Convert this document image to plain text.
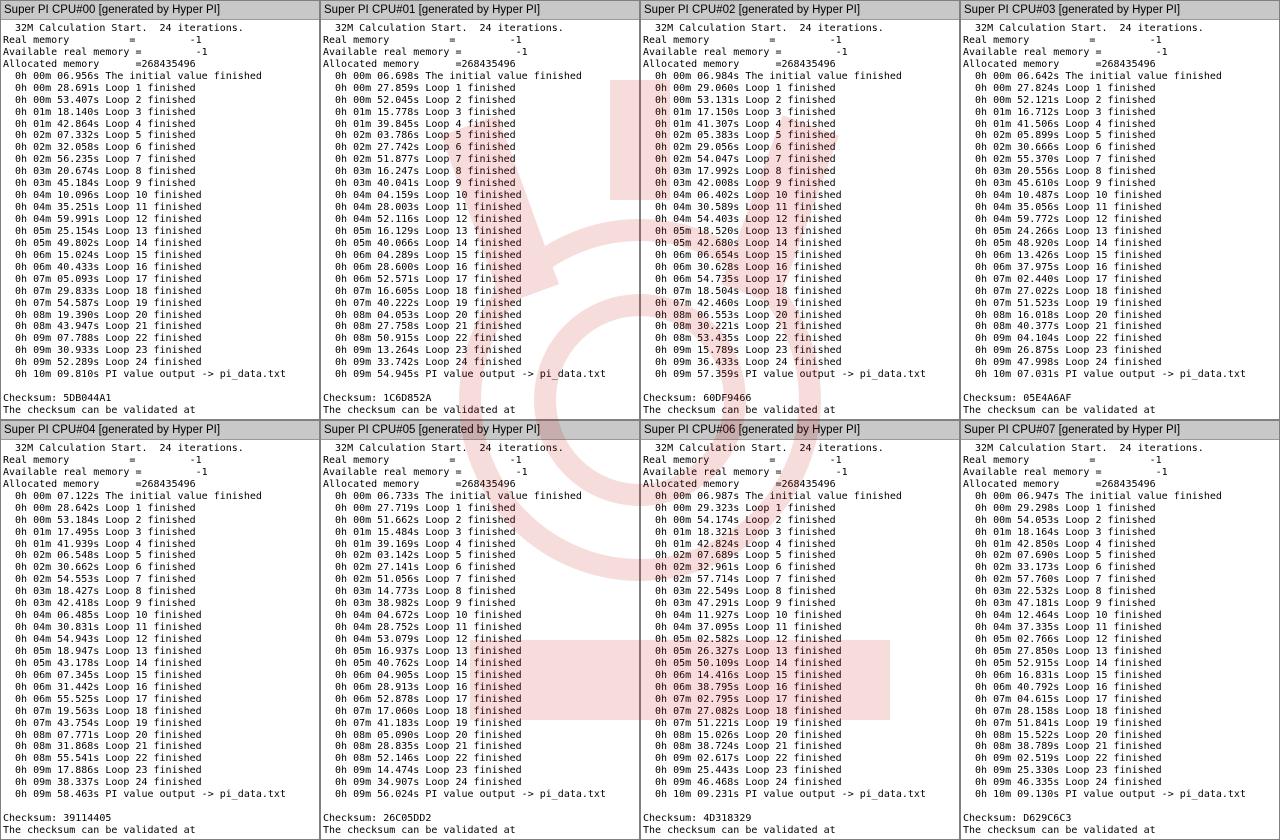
Super PI CPU#00 [generated by Hyper PI]
32M Calculation Start.  24 iterations.
Real memory          =         -1
Available real memory =         -1
Allocated memory      =268435496
0h 00m 06.956s The initial value finished
0h 00m 28.691s Loop 1 finished
0h 00m 53.407s Loop 2 finished
0h 01m 18.140s Loop 3 finished
0h 01m 42.864s Loop 4 finished
0h 02m 07.332s Loop 5 finished
0h 02m 32.058s Loop 6 finished
0h 02m 56.235s Loop 7 finished
0h 03m 20.674s Loop 8 finished
0h 03m 45.184s Loop 9 finished
0h 04m 10.096s Loop 10 finished
0h 04m 35.251s Loop 11 finished
0h 04m 59.991s Loop 12 finished
0h 05m 25.154s Loop 13 finished
0h 05m 49.802s Loop 14 finished
0h 06m 15.024s Loop 15 finished
0h 06m 40.433s Loop 16 finished
0h 07m 05.093s Loop 17 finished
0h 07m 29.833s Loop 18 finished
0h 07m 54.587s Loop 19 finished
0h 08m 19.390s Loop 20 finished
0h 08m 43.947s Loop 21 finished
0h 09m 07.788s Loop 22 finished
0h 09m 30.933s Loop 23 finished
0h 09m 52.289s Loop 24 finished
0h 10m 09.810s PI value output -> pi_data.txt
Checksum: 5DB044A1
The checksum can be validated at
Super PI CPU#01 [generated by Hyper PI]
32M Calculation Start.  24 iterations.
Real memory          =         -1
Available real memory =         -1
Allocated memory      =268435496
0h 00m 06.698s The initial value finished
0h 00m 27.859s Loop 1 finished
0h 00m 52.045s Loop 2 finished
0h 01m 15.778s Loop 3 finished
0h 01m 39.845s Loop 4 finished
0h 02m 03.786s Loop 5 finished
0h 02m 27.742s Loop 6 finished
0h 02m 51.877s Loop 7 finished
0h 03m 16.247s Loop 8 finished
0h 03m 40.041s Loop 9 finished
0h 04m 04.159s Loop 10 finished
0h 04m 28.003s Loop 11 finished
0h 04m 52.116s Loop 12 finished
0h 05m 16.129s Loop 13 finished
0h 05m 40.066s Loop 14 finished
0h 06m 04.289s Loop 15 finished
0h 06m 28.600s Loop 16 finished
0h 06m 52.571s Loop 17 finished
0h 07m 16.605s Loop 18 finished
0h 07m 40.222s Loop 19 finished
0h 08m 04.053s Loop 20 finished
0h 08m 27.758s Loop 21 finished
0h 08m 50.915s Loop 22 finished
0h 09m 13.264s Loop 23 finished
0h 09m 33.742s Loop 24 finished
0h 09m 54.945s PI value output -> pi_data.txt
Checksum: 1C6D852A
The checksum can be validated at
Super PI CPU#02 [generated by Hyper PI]
32M Calculation Start.  24 iterations.
Real memory          =         -1
Available real memory =         -1
Allocated memory      =268435496
0h 00m 06.984s The initial value finished
0h 00m 29.060s Loop 1 finished
0h 00m 53.131s Loop 2 finished
0h 01m 17.150s Loop 3 finished
0h 01m 41.307s Loop 4 finished
0h 02m 05.383s Loop 5 finished
0h 02m 29.056s Loop 6 finished
0h 02m 54.047s Loop 7 finished
0h 03m 17.992s Loop 8 finished
0h 03m 42.008s Loop 9 finished
0h 04m 06.402s Loop 10 finished
0h 04m 30.589s Loop 11 finished
0h 04m 54.403s Loop 12 finished
0h 05m 18.520s Loop 13 finished
0h 05m 42.680s Loop 14 finished
0h 06m 06.654s Loop 15 finished
0h 06m 30.628s Loop 16 finished
0h 06m 54.735s Loop 17 finished
0h 07m 18.504s Loop 18 finished
0h 07m 42.460s Loop 19 finished
0h 08m 06.553s Loop 20 finished
0h 08m 30.221s Loop 21 finished
0h 08m 53.435s Loop 22 finished
0h 09m 15.789s Loop 23 finished
0h 09m 36.433s Loop 24 finished
0h 09m 57.359s PI value output -> pi_data.txt
Checksum: 60DF9466
The checksum can be validated at
Super PI CPU#03 [generated by Hyper PI]
32M Calculation Start.  24 iterations.
Real memory          =         -1
Available real memory =         -1
Allocated memory      =268435496
0h 00m 06.642s The initial value finished
0h 00m 27.824s Loop 1 finished
0h 00m 52.121s Loop 2 finished
0h 01m 16.712s Loop 3 finished
0h 01m 41.506s Loop 4 finished
0h 02m 05.899s Loop 5 finished
0h 02m 30.666s Loop 6 finished
0h 02m 55.370s Loop 7 finished
0h 03m 20.556s Loop 8 finished
0h 03m 45.610s Loop 9 finished
0h 04m 10.487s Loop 10 finished
0h 04m 35.056s Loop 11 finished
0h 04m 59.772s Loop 12 finished
0h 05m 24.266s Loop 13 finished
0h 05m 48.920s Loop 14 finished
0h 06m 13.426s Loop 15 finished
0h 06m 37.975s Loop 16 finished
0h 07m 02.440s Loop 17 finished
0h 07m 27.022s Loop 18 finished
0h 07m 51.523s Loop 19 finished
0h 08m 16.018s Loop 20 finished
0h 08m 40.377s Loop 21 finished
0h 09m 04.104s Loop 22 finished
0h 09m 26.875s Loop 23 finished
0h 09m 47.998s Loop 24 finished
0h 10m 07.031s PI value output -> pi_data.txt
Checksum: 05E4A6AF
The checksum can be validated at
Super PI CPU#04 [generated by Hyper PI]
32M Calculation Start.  24 iterations.
Real memory          =         -1
Available real memory =         -1
Allocated memory      =268435496
0h 00m 07.122s The initial value finished
0h 00m 28.642s Loop 1 finished
0h 00m 53.184s Loop 2 finished
0h 01m 17.495s Loop 3 finished
0h 01m 41.939s Loop 4 finished
0h 02m 06.548s Loop 5 finished
0h 02m 30.662s Loop 6 finished
0h 02m 54.553s Loop 7 finished
0h 03m 18.427s Loop 8 finished
0h 03m 42.418s Loop 9 finished
0h 04m 06.485s Loop 10 finished
0h 04m 30.831s Loop 11 finished
0h 04m 54.943s Loop 12 finished
0h 05m 18.947s Loop 13 finished
0h 05m 43.178s Loop 14 finished
0h 06m 07.345s Loop 15 finished
0h 06m 31.442s Loop 16 finished
0h 06m 55.525s Loop 17 finished
0h 07m 19.563s Loop 18 finished
0h 07m 43.754s Loop 19 finished
0h 08m 07.771s Loop 20 finished
0h 08m 31.868s Loop 21 finished
0h 08m 55.541s Loop 22 finished
0h 09m 17.886s Loop 23 finished
0h 09m 38.337s Loop 24 finished
0h 09m 58.463s PI value output -> pi_data.txt
Checksum: 39114405
The checksum can be validated at
Super PI CPU#05 [generated by Hyper PI]
32M Calculation Start.  24 iterations.
Real memory          =         -1
Available real memory =         -1
Allocated memory      =268435496
0h 00m 06.733s The initial value finished
0h 00m 27.719s Loop 1 finished
0h 00m 51.662s Loop 2 finished
0h 01m 15.484s Loop 3 finished
0h 01m 39.169s Loop 4 finished
0h 02m 03.142s Loop 5 finished
0h 02m 27.141s Loop 6 finished
0h 02m 51.056s Loop 7 finished
0h 03m 14.773s Loop 8 finished
0h 03m 38.982s Loop 9 finished
0h 04m 04.672s Loop 10 finished
0h 04m 28.752s Loop 11 finished
0h 04m 53.079s Loop 12 finished
0h 05m 16.937s Loop 13 finished
0h 05m 40.762s Loop 14 finished
0h 06m 04.905s Loop 15 finished
0h 06m 28.913s Loop 16 finished
0h 06m 52.878s Loop 17 finished
0h 07m 17.060s Loop 18 finished
0h 07m 41.183s Loop 19 finished
0h 08m 05.090s Loop 20 finished
0h 08m 28.835s Loop 21 finished
0h 08m 52.146s Loop 22 finished
0h 09m 14.474s Loop 23 finished
0h 09m 34.907s Loop 24 finished
0h 09m 56.024s PI value output -> pi_data.txt
Checksum: 26C05DD2
The checksum can be validated at
Super PI CPU#06 [generated by Hyper PI]
32M Calculation Start.  24 iterations.
Real memory          =         -1
Available real memory =         -1
Allocated memory      =268435496
0h 00m 06.987s The initial value finished
0h 00m 29.323s Loop 1 finished
0h 00m 54.174s Loop 2 finished
0h 01m 18.321s Loop 3 finished
0h 01m 42.824s Loop 4 finished
0h 02m 07.689s Loop 5 finished
0h 02m 32.961s Loop 6 finished
0h 02m 57.714s Loop 7 finished
0h 03m 22.549s Loop 8 finished
0h 03m 47.291s Loop 9 finished
0h 04m 11.927s Loop 10 finished
0h 04m 37.095s Loop 11 finished
0h 05m 02.582s Loop 12 finished
0h 05m 26.327s Loop 13 finished
0h 05m 50.109s Loop 14 finished
0h 06m 14.416s Loop 15 finished
0h 06m 38.795s Loop 16 finished
0h 07m 02.795s Loop 17 finished
0h 07m 27.082s Loop 18 finished
0h 07m 51.221s Loop 19 finished
0h 08m 15.026s Loop 20 finished
0h 08m 38.724s Loop 21 finished
0h 09m 02.617s Loop 22 finished
0h 09m 25.443s Loop 23 finished
0h 09m 46.468s Loop 24 finished
0h 10m 09.231s PI value output -> pi_data.txt
Checksum: 4D318329
The checksum can be validated at
Super PI CPU#07 [generated by Hyper PI]
32M Calculation Start.  24 iterations.
Real memory          =         -1
Available real memory =         -1
Allocated memory      =268435496
0h 00m 06.947s The initial value finished
0h 00m 29.298s Loop 1 finished
0h 00m 54.053s Loop 2 finished
0h 01m 18.164s Loop 3 finished
0h 01m 42.850s Loop 4 finished
0h 02m 07.690s Loop 5 finished
0h 02m 33.173s Loop 6 finished
0h 02m 57.760s Loop 7 finished
0h 03m 22.532s Loop 8 finished
0h 03m 47.181s Loop 9 finished
0h 04m 12.464s Loop 10 finished
0h 04m 37.335s Loop 11 finished
0h 05m 02.766s Loop 12 finished
0h 05m 27.850s Loop 13 finished
0h 05m 52.915s Loop 14 finished
0h 06m 16.831s Loop 15 finished
0h 06m 40.792s Loop 16 finished
0h 07m 04.615s Loop 17 finished
0h 07m 28.158s Loop 18 finished
0h 07m 51.841s Loop 19 finished
0h 08m 15.522s Loop 20 finished
0h 08m 38.789s Loop 21 finished
0h 09m 02.519s Loop 22 finished
0h 09m 25.330s Loop 23 finished
0h 09m 46.335s Loop 24 finished
0h 10m 09.130s PI value output -> pi_data.txt
Checksum: D629C6C3
The checksum can be validated at
